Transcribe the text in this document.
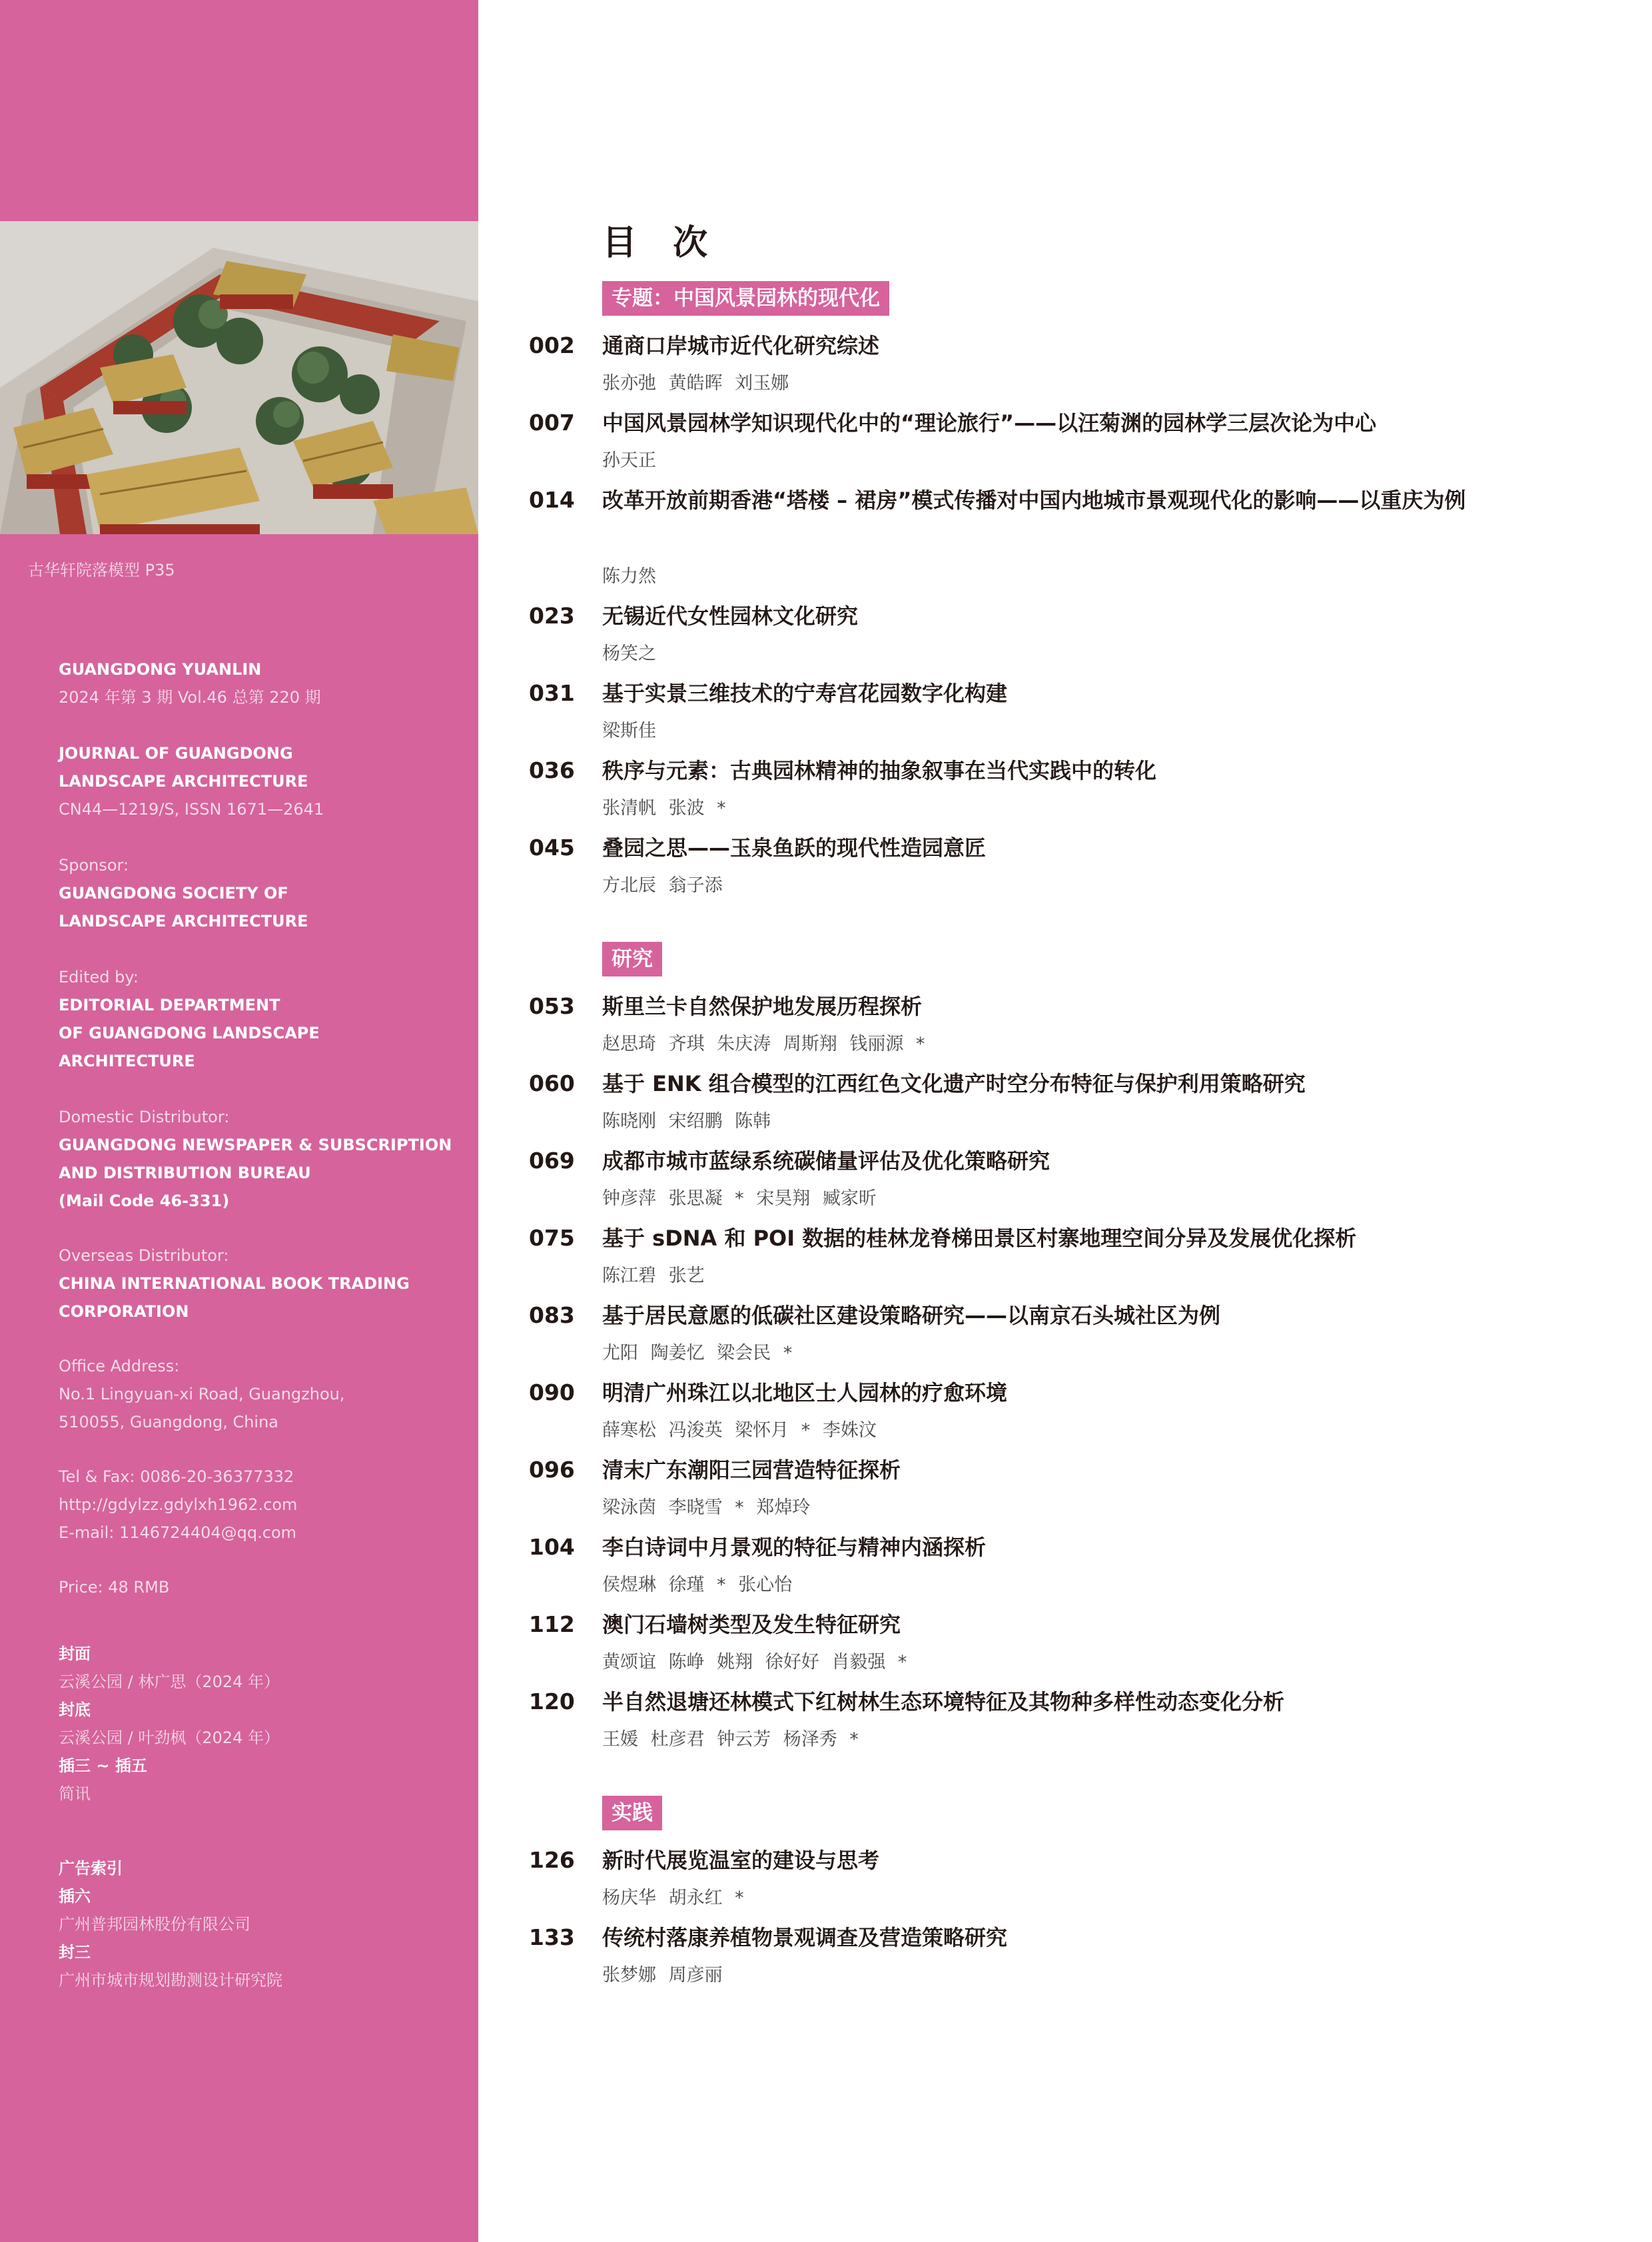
古华轩院落模型 P35
GUANGDONG YUANLIN
2024 年第 3 期 Vol.46 总第 220 期
JOURNAL OF GUANGDONG
LANDSCAPE ARCHITECTURE
CN44—1219/S, ISSN 1671—2641
Sponsor:
GUANGDONG SOCIETY OF
LANDSCAPE ARCHITECTURE
Edited by:
EDITORIAL DEPARTMENT
OF GUANGDONG LANDSCAPE
ARCHITECTURE
Domestic Distributor:
GUANGDONG NEWSPAPER & SUBSCRIPTION
AND DISTRIBUTION BUREAU
(Mail Code 46-331)
Overseas Distributor:
CHINA INTERNATIONAL BOOK TRADING
CORPORATION
Office Address:
No.1 Lingyuan-xi Road, Guangzhou,
510055, Guangdong, China
Tel & Fax: 0086-20-36377332
http://gdylzz.gdylxh1962.com
E-mail: 1146724404@qq.com
Price: 48 RMB
封面
云溪公园 / 林广思（2024 年）
封底
云溪公园 / 叶劲枫（2024 年）
插三 ~ 插五
简讯
广告索引
插六
广州普邦园林股份有限公司
封三
广州市城市规划勘测设计研究院
目 次
专题：中国风景园林的现代化
002 通商口岸城市近代化研究综述
张亦弛 黄皓晖 刘玉娜
007 中国风景园林学知识现代化中的“理论旅行”——以汪菊渊的园林学三层次论为中心
孙天正
014 改革开放前期香港“塔楼 – 裙房”模式传播对中国内地城市景观现代化的影响——以重庆为例
陈力然
023 无锡近代女性园林文化研究
杨笑之
031 基于实景三维技术的宁寿宫花园数字化构建
梁斯佳
036 秩序与元素：古典园林精神的抽象叙事在当代实践中的转化
张清帆 张波 *
045 叠园之思——玉泉鱼跃的现代性造园意匠
方北辰 翁子添
研究
053 斯里兰卡自然保护地发展历程探析
赵思琦 齐琪 朱庆涛 周斯翔 钱丽源 *
060 基于 ENK 组合模型的江西红色文化遗产时空分布特征与保护利用策略研究
陈晓刚 宋绍鹏 陈韩
069 成都市城市蓝绿系统碳储量评估及优化策略研究
钟彦萍 张思凝 * 宋昊翔 臧家昕
075 基于 sDNA 和 POI 数据的桂林龙脊梯田景区村寨地理空间分异及发展优化探析
陈江碧 张艺
083 基于居民意愿的低碳社区建设策略研究——以南京石头城社区为例
尤阳 陶姜忆 梁会民 *
090 明清广州珠江以北地区士人园林的疗愈环境
薛寒松 冯浚英 梁怀月 * 李姝汶
096 清末广东潮阳三园营造特征探析
梁泳茵 李晓雪 * 郑焯玲
104 李白诗词中月景观的特征与精神内涵探析
侯煜琳 徐瑾 * 张心怡
112 澳门石墙树类型及发生特征研究
黄颂谊 陈峥 姚翔 徐好好 肖毅强 *
120 半自然退塘还林模式下红树林生态环境特征及其物种多样性动态变化分析
王媛 杜彦君 钟云芳 杨泽秀 *
实践
126 新时代展览温室的建设与思考
杨庆华 胡永红 *
133 传统村落康养植物景观调查及营造策略研究
张梦娜 周彦丽
